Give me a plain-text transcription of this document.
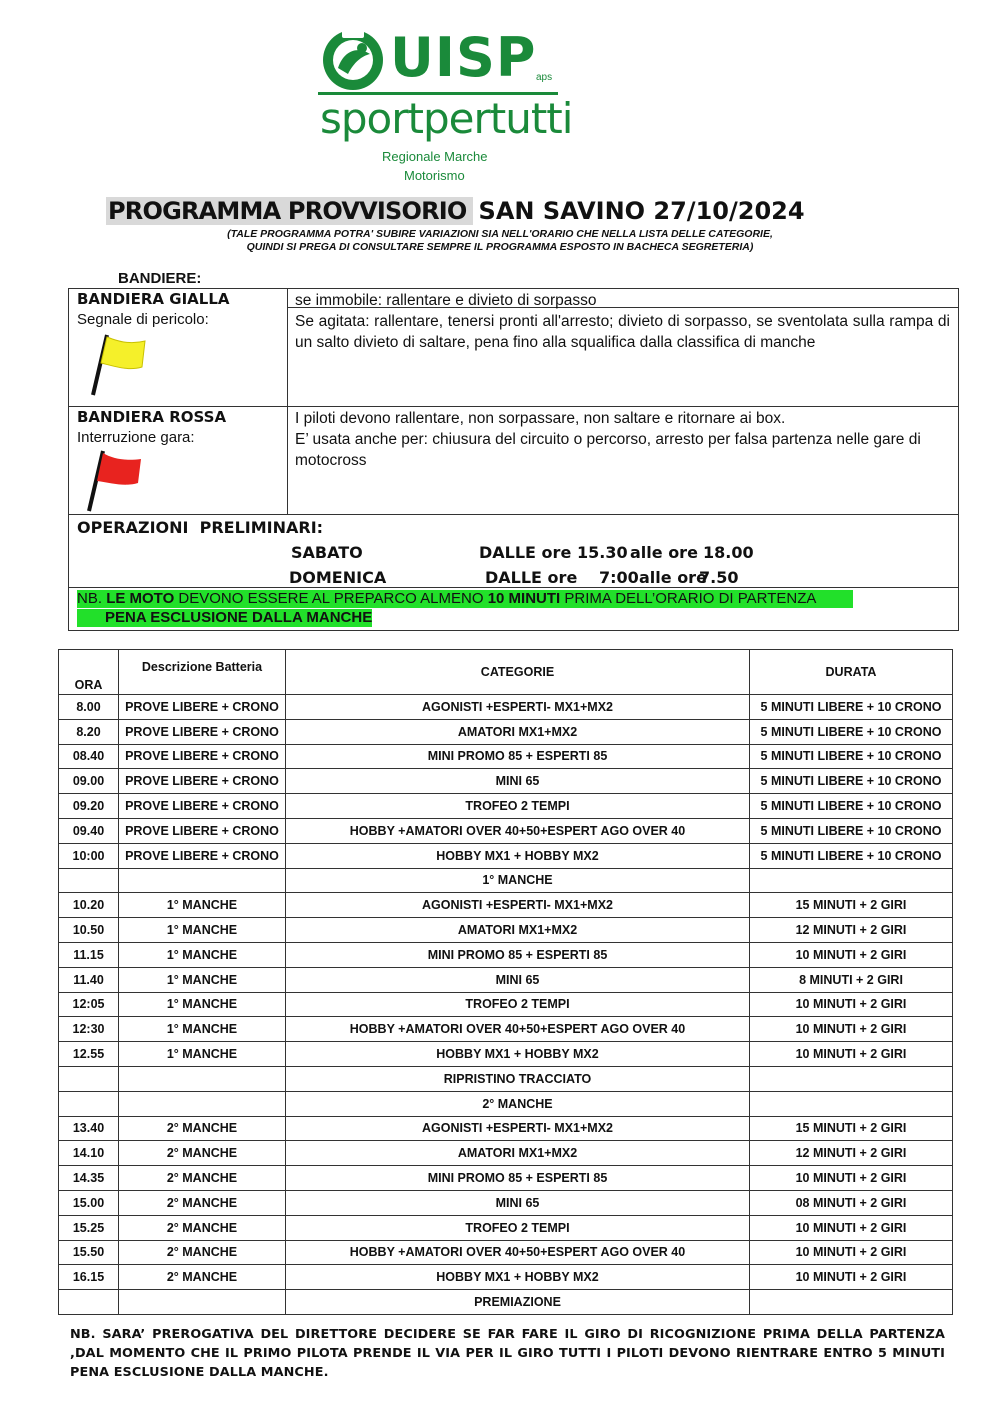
UISP aps
sportpertutti
Regionale Marche
Motorismo
PROGRAMMA PROVVISORIO SAN SAVINO 27/10/2024
(TALE PROGRAMMA POTRA' SUBIRE VARIAZIONI SIA NELL'ORARIO CHE NELLA LISTA DELLE CATEGORIE,
QUINDI SI PREGA DI CONSULTARE SEMPRE IL PROGRAMMA ESPOSTO IN BACHECA SEGRETERIA)
BANDIERE:
BANDIERA GIALLA
Segnale di pericolo:
se immobile: rallentare e divieto di sorpasso
Se agitata: rallentare, tenersi pronti all'arresto; divieto di sorpasso, se sventolata sulla rampa di un salto divieto di saltare, pena fino alla squalifica dalla classifica di manche
BANDIERA ROSSA
Interruzione gara:
I piloti devono rallentare, non sorpassare, non saltare e ritornare ai box.
E’ usata anche per: chiusura del circuito o percorso, arresto per falsa partenza nelle gare di motocross
OPERAZIONI  PRELIMINARI:
SABATO	DALLE ore 15.30 alle ore 18.00
DOMENICA	DALLE ore 7:00 alle ore
7.50
NB. LE MOTO DEVONO ESSERE AL PREPARCO ALMENO 10 MINUTI PRIMA DELL’ORARIO DI PARTENZA
PENA ESCLUSIONE DALLA MANCHE
ORA	Descrizione Batteria	CATEGORIE	DURATA
8.00	PROVE LIBERE + CRONO	AGONISTI +ESPERTI- MX1+MX2	5 MINUTI LIBERE + 10 CRONO
8.20	PROVE LIBERE + CRONO	AMATORI MX1+MX2	5 MINUTI LIBERE + 10 CRONO
08.40	PROVE LIBERE + CRONO	MINI PROMO 85 + ESPERTI 85	5 MINUTI LIBERE + 10 CRONO
09.00	PROVE LIBERE + CRONO	MINI 65	5 MINUTI LIBERE + 10 CRONO
09.20	PROVE LIBERE + CRONO	TROFEO 2 TEMPI	5 MINUTI LIBERE + 10 CRONO
09.40	PROVE LIBERE + CRONO	HOBBY +AMATORI OVER 40+50+ESPERT AGO OVER 40	5 MINUTI LIBERE + 10 CRONO
10:00	PROVE LIBERE + CRONO	HOBBY MX1 + HOBBY MX2	5 MINUTI LIBERE + 10 CRONO
		1° MANCHE	
10.20	1° MANCHE	AGONISTI +ESPERTI- MX1+MX2	15 MINUTI + 2 GIRI
10.50	1° MANCHE	AMATORI MX1+MX2	12 MINUTI + 2 GIRI
11.15	1° MANCHE	MINI PROMO 85 + ESPERTI 85	10 MINUTI + 2 GIRI
11.40	1° MANCHE	MINI 65	8 MINUTI + 2 GIRI
12:05	1° MANCHE	TROFEO 2 TEMPI	10 MINUTI + 2 GIRI
12:30	1° MANCHE	HOBBY +AMATORI OVER 40+50+ESPERT AGO OVER 40	10 MINUTI + 2 GIRI
12.55	1° MANCHE	HOBBY MX1 + HOBBY MX2	10 MINUTI + 2 GIRI
		RIPRISTINO TRACCIATO	
		2° MANCHE	
13.40	2° MANCHE	AGONISTI +ESPERTI- MX1+MX2	15 MINUTI + 2 GIRI
14.10	2° MANCHE	AMATORI MX1+MX2	12 MINUTI + 2 GIRI
14.35	2° MANCHE	MINI PROMO 85 + ESPERTI 85	10 MINUTI + 2 GIRI
15.00	2° MANCHE	MINI 65	08 MINUTI + 2 GIRI
15.25	2° MANCHE	TROFEO 2 TEMPI	10 MINUTI + 2 GIRI
15.50	2° MANCHE	HOBBY +AMATORI OVER 40+50+ESPERT AGO OVER 40	10 MINUTI + 2 GIRI
16.15	2° MANCHE	HOBBY MX1 + HOBBY MX2	10 MINUTI + 2 GIRI
		PREMIAZIONE	
NB. SARA’ PREROGATIVA DEL DIRETTORE DECIDERE SE FAR FARE IL GIRO DI RICOGNIZIONE PRIMA DELLA PARTENZA ,DAL MOMENTO CHE IL PRIMO PILOTA PRENDE IL VIA PER IL GIRO TUTTI I PILOTI DEVONO RIENTRARE ENTRO 5 MINUTI PENA ESCLUSIONE DALLA MANCHE.
